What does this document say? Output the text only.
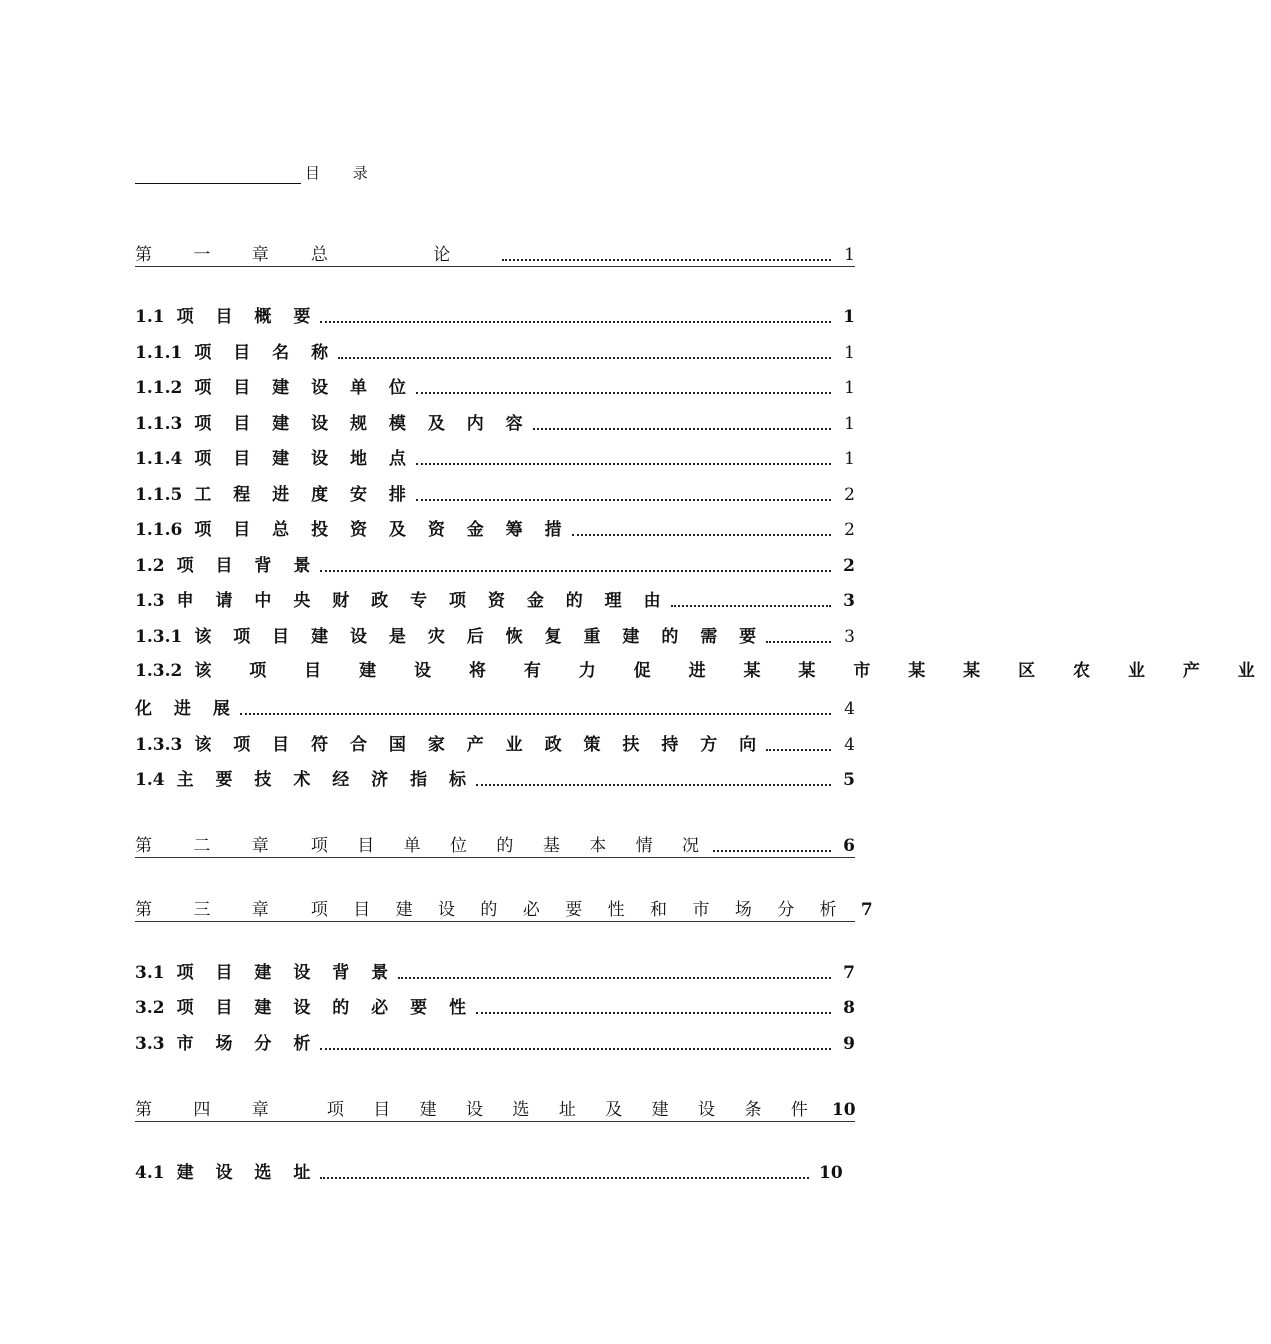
目 录
第 一 章 总 论	1
1.1 项 目 概 要	1
1.1.1 项 目 名 称	1
1.1.2 项 目 建 设 单 位	1
1.1.3 项 目 建 设 规 模 及 内 容	1
1.1.4 项 目 建 设 地 点	1
1.1.5 工 程 进 度 安 排	2
1.1.6 项 目 总 投 资 及 资 金 筹 措	2
1.2 项 目 背 景	2
1.3 申 请 中 央 财 政 专 项 资 金 的 理 由	3
1.3.1 该 项 目 建 设 是 灾 后 恢 复 重 建 的 需 要	3
1.3.2 该 项 目 建 设 将 有 力 促 进 某 某 市 某 某 区 农 业 产 业
化 进 展	4
1.3.3 该 项 目 符 合 国 家 产 业 政 策 扶 持 方 向	4
1.4 主 要 技 术 经 济 指 标	5
第 二 章 项 目 单 位 的 基 本 情 况	6
第 三 章 项 目 建 设 的 必 要 性 和 市 场 分 析 7
3.1 项 目 建 设 背 景	7
3.2 项 目 建 设 的 必 要 性	8
3.3 市 场 分 析	9
第 四 章 项 目 建 设 选 址 及 建 设 条 件 10
4.1 建 设 选 址	10
